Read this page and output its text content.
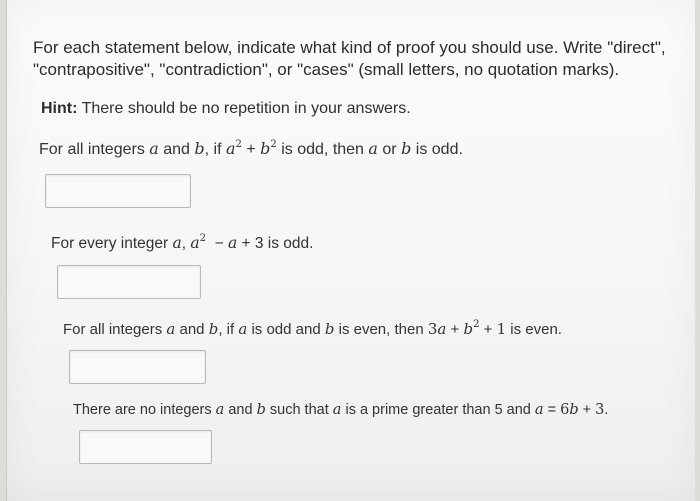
For each statement below, indicate what kind of proof you should use. Write "direct",
"contrapositive", "contradiction", or "cases" (small letters, no quotation marks).
Hint: There should be no repetition in your answers.
For all integers a and b, if $a^2 + b^2$ is odd, then a or b is odd.
For every integer a, $a^2 - a + 3$ is odd.
For all integers a and b, if a is odd and b is even, then $3a + b^2 + 1$ is even.
There are no integers a and b such that a is a prime greater than 5 and a = 6b + 3.
